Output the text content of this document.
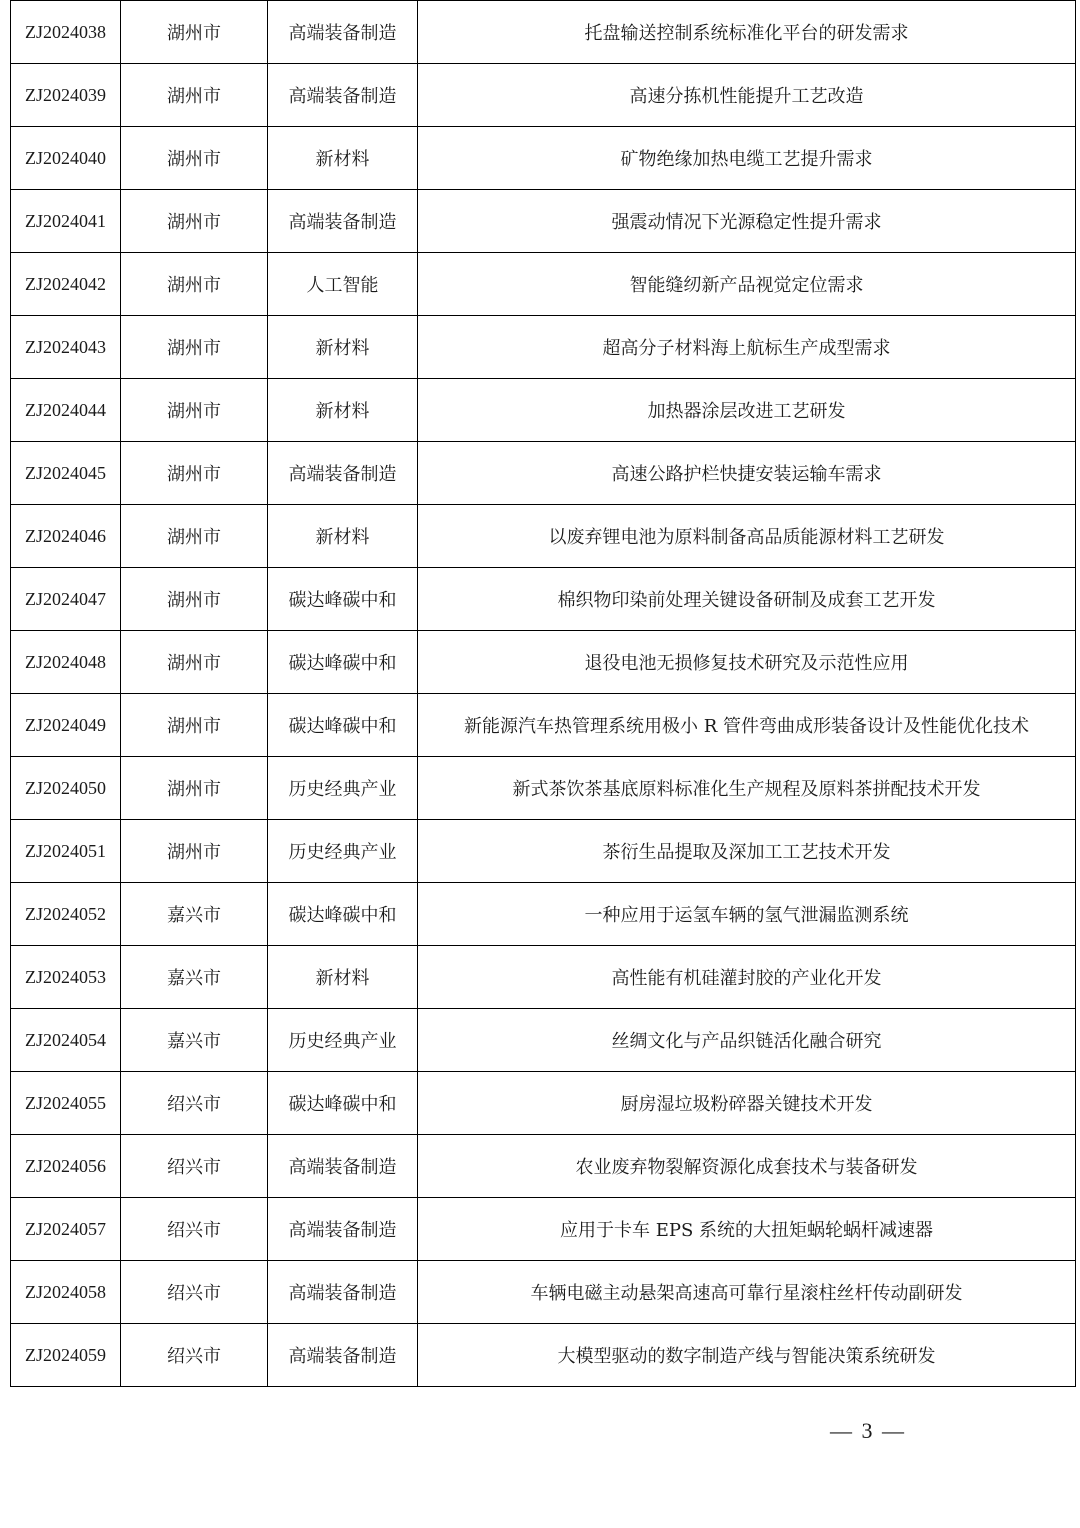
ZJ2024038	湖州市	高端装备制造	托盘输送控制系统标准化平台的研发需求
ZJ2024039	湖州市	高端装备制造	高速分拣机性能提升工艺改造
ZJ2024040	湖州市	新材料	矿物绝缘加热电缆工艺提升需求
ZJ2024041	湖州市	高端装备制造	强震动情况下光源稳定性提升需求
ZJ2024042	湖州市	人工智能	智能缝纫新产品视觉定位需求
ZJ2024043	湖州市	新材料	超高分子材料海上航标生产成型需求
ZJ2024044	湖州市	新材料	加热器涂层改进工艺研发
ZJ2024045	湖州市	高端装备制造	高速公路护栏快捷安装运输车需求
ZJ2024046	湖州市	新材料	以废弃锂电池为原料制备高品质能源材料工艺研发
ZJ2024047	湖州市	碳达峰碳中和	棉织物印染前处理关键设备研制及成套工艺开发
ZJ2024048	湖州市	碳达峰碳中和	退役电池无损修复技术研究及示范性应用
ZJ2024049	湖州市	碳达峰碳中和	新能源汽车热管理系统用极小 R 管件弯曲成形装备设计及性能优化技术
ZJ2024050	湖州市	历史经典产业	新式茶饮茶基底原料标准化生产规程及原料茶拼配技术开发
ZJ2024051	湖州市	历史经典产业	茶衍生品提取及深加工工艺技术开发
ZJ2024052	嘉兴市	碳达峰碳中和	一种应用于运氢车辆的氢气泄漏监测系统
ZJ2024053	嘉兴市	新材料	高性能有机硅灌封胶的产业化开发
ZJ2024054	嘉兴市	历史经典产业	丝绸文化与产品织链活化融合研究
ZJ2024055	绍兴市	碳达峰碳中和	厨房湿垃圾粉碎器关键技术开发
ZJ2024056	绍兴市	高端装备制造	农业废弃物裂解资源化成套技术与装备研发
ZJ2024057	绍兴市	高端装备制造	应用于卡车 EPS 系统的大扭矩蜗轮蜗杆减速器
ZJ2024058	绍兴市	高端装备制造	车辆电磁主动悬架高速高可靠行星滚柱丝杆传动副研发
ZJ2024059	绍兴市	高端装备制造	大模型驱动的数字制造产线与智能决策系统研发
— 3 —
